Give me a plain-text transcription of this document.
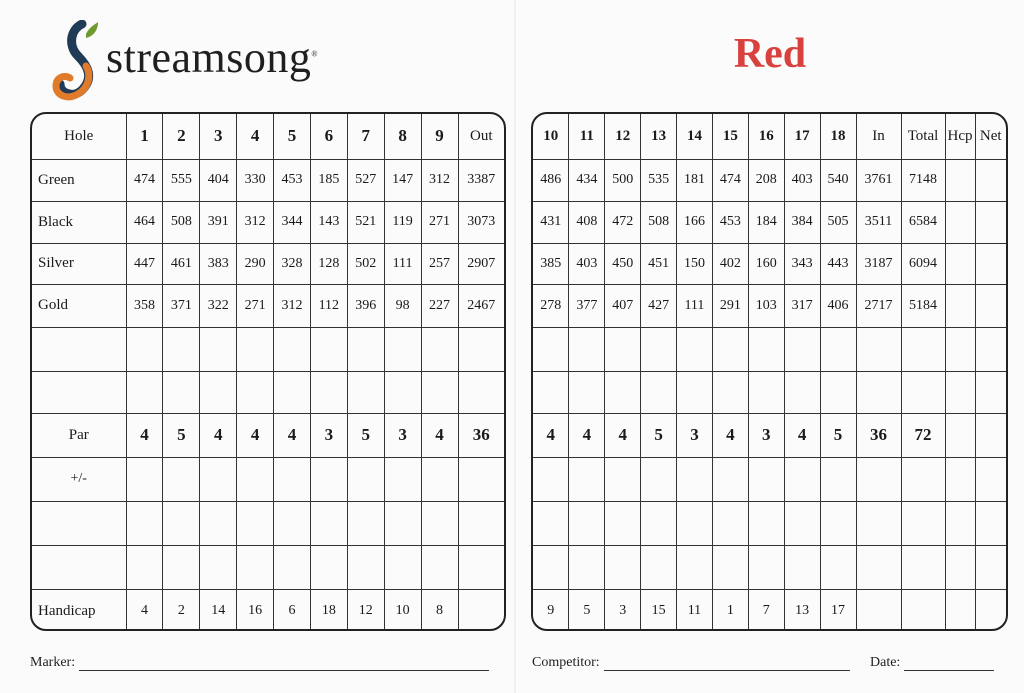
streamsong®	Red
Hole	1	2	3	4	5	6	7	8	9	Out
Green	474	555	404	330	453	185	527	147	312	3387
Black	464	508	391	312	344	143	521	119	271	3073
Silver	447	461	383	290	328	128	502	111	257	2907
Gold	358	371	322	271	312	112	396	98	227	2467

Par	4	5	4	4	4	3	5	3	4	36
+/-										

Handicap	4	2	14	16	6	18	12	10	8	
10	11	12	13	14	15	16	17	18	In	Total	Hcp	Net
486	434	500	535	181	474	208	403	540	3761	7148		
431	408	472	508	166	453	184	384	505	3511	6584		
385	403	450	451	150	402	160	343	443	3187	6094		
278	377	407	427	111	291	103	317	406	2717	5184		

4	4	4	5	3	4	3	4	5	36	72		

9	5	3	15	11	1	7	13	17				
Marker:	Competitor:	Date:
